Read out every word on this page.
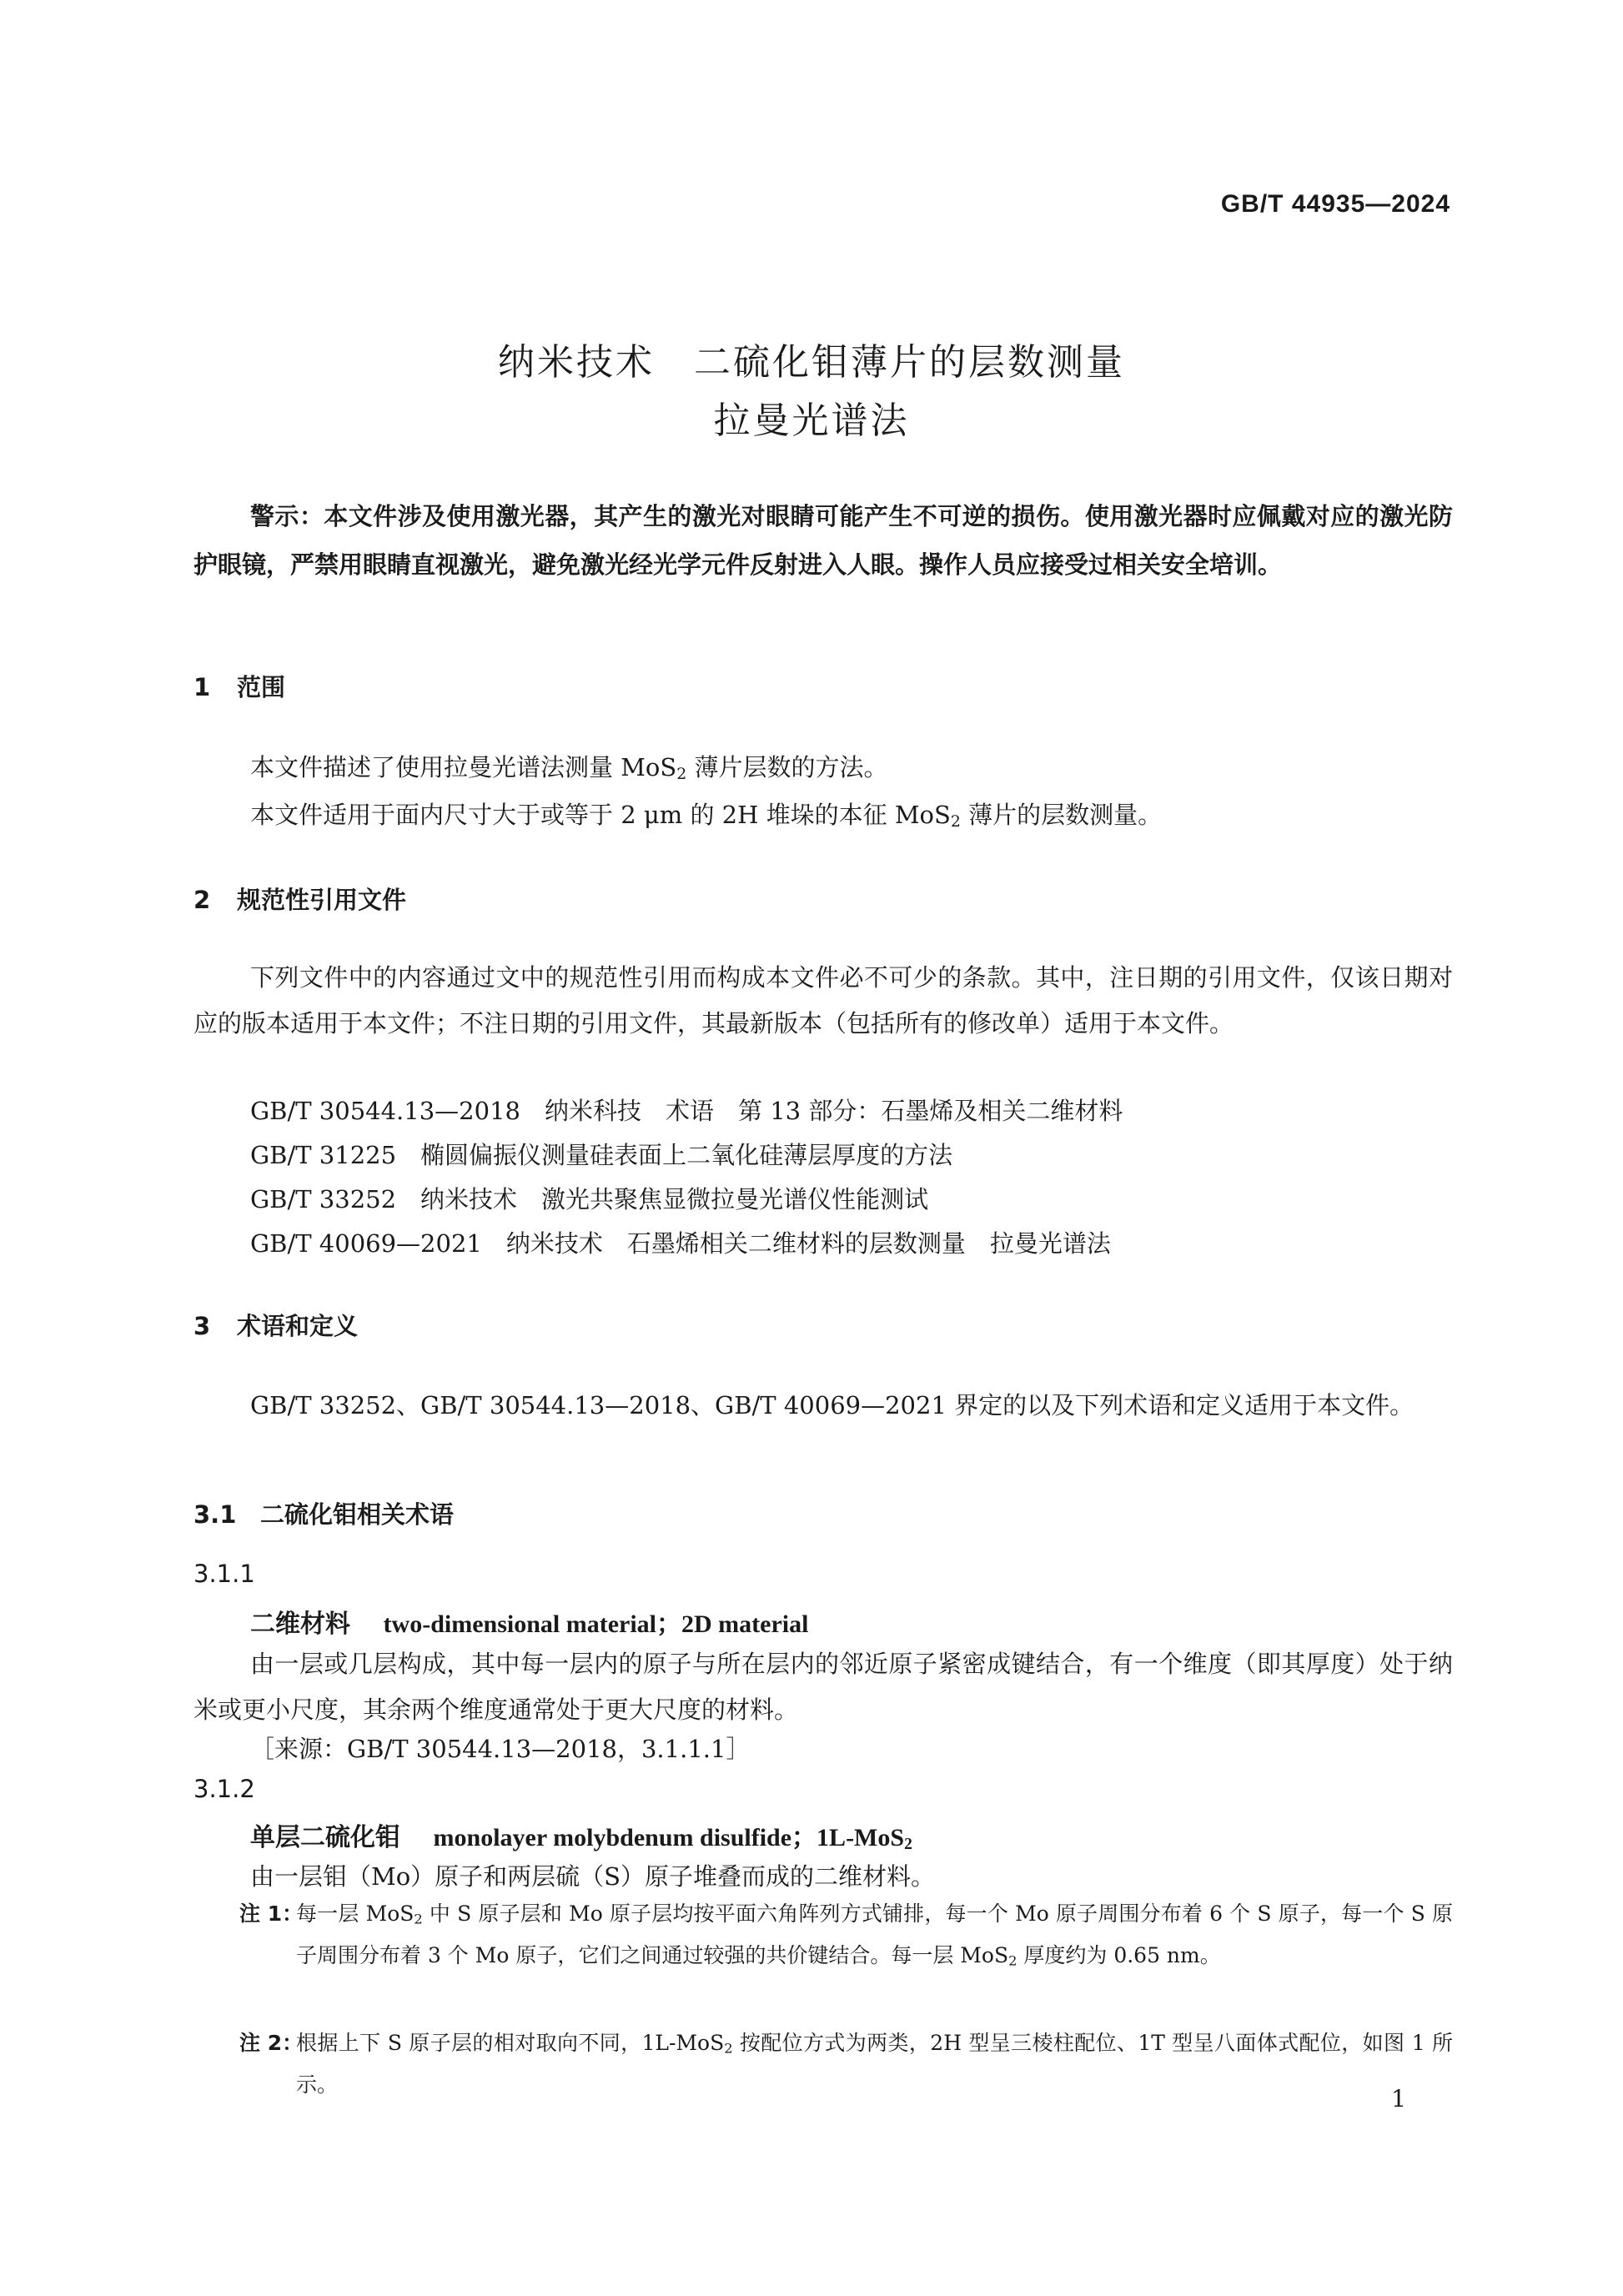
GB/T 44935—2024
纳米技术　二硫化钼薄片的层数测量
拉曼光谱法
警示：本文件涉及使用激光器，其产生的激光对眼睛可能产生不可逆的损伤。使用激光器时应佩戴对应的激光防护眼镜，严禁用眼睛直视激光，避免激光经光学元件反射进入人眼。操作人员应接受过相关安全培训。
1 范围
本文件描述了使用拉曼光谱法测量 MoS$_2$ 薄片层数的方法。
本文件适用于面内尺寸大于或等于 2 μm 的 2H 堆垛的本征 MoS$_2$ 薄片的层数测量。
2 规范性引用文件
下列文件中的内容通过文中的规范性引用而构成本文件必不可少的条款。其中，注日期的引用文件，仅该日期对应的版本适用于本文件；不注日期的引用文件，其最新版本（包括所有的修改单）适用于本文件。
GB/T 30544.13—2018　纳米科技　术语　第 13 部分：石墨烯及相关二维材料
GB/T 31225　椭圆偏振仪测量硅表面上二氧化硅薄层厚度的方法
GB/T 33252　纳米技术　激光共聚焦显微拉曼光谱仪性能测试
GB/T 40069—2021　纳米技术　石墨烯相关二维材料的层数测量　拉曼光谱法
3 术语和定义
GB/T 33252、GB/T 30544.13—2018、GB/T 40069—2021 界定的以及下列术语和定义适用于本文件。
3.1 二硫化钼相关术语
3.1.1
二维材料 two-dimensional material；2D material
由一层或几层构成，其中每一层内的原子与所在层内的邻近原子紧密成键结合，有一个维度（即其厚度）处于纳米或更小尺度，其余两个维度通常处于更大尺度的材料。
［来源：GB/T 30544.13—2018，3.1.1.1］
3.1.2
单层二硫化钼 monolayer molybdenum disulfide；1L-MoS$_2$
由一层钼（Mo）原子和两层硫（S）原子堆叠而成的二维材料。
注 1：
每一层 MoS$_2$ 中 S 原子层和 Mo 原子层均按平面六角阵列方式铺排，每一个 Mo 原子周围分布着 6 个 S 原子，每一个 S 原子周围分布着 3 个 Mo 原子，它们之间通过较强的共价键结合。每一层 MoS$_2$ 厚度约为 0.65 nm。
注 2：
根据上下 S 原子层的相对取向不同，1L-MoS$_2$ 按配位方式为两类，2H 型呈三棱柱配位、1T 型呈八面体式配位，如图 1 所示。
1
